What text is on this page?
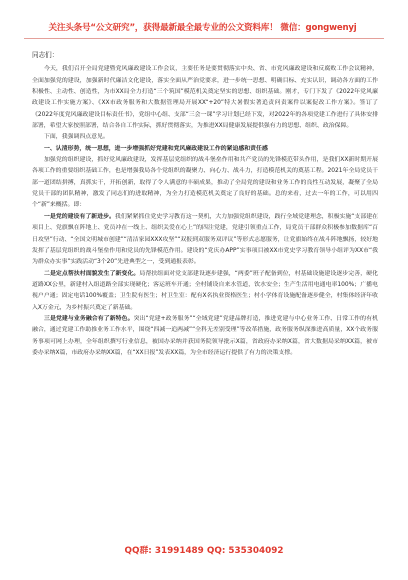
关注头条号“公文研究”，获得最新最全最专业的公文资料库！ 微信：gongwenyj
同志们：

今天，我们召开全局党建暨党风廉政建设工作会议，主要任务是要贯彻落实中央、省、市党风廉政建设和反腐败工作会议精神，全面加强党的建设，加强新时代廉洁文化建设，落实全面从严治党要求，进一步统一思想、明确目标、充实认识，调动各方面的工作积极性、主动性、创造性，为市XX局全力打造“三个筑国”模范机关奠定坚实的思想、组织基础。刚才，专门下发了《2022年党风廉政建设工作实施方案》、《XX市政务服务和大数据管理局开展XX“+20”特大暑假实著追责问责案件以案促改工作方案》。签订了《2022年度党风廉政建设目标责任书》，党组中心组、支部“三会一课”学习计划已经下发，对2022年的各项党建工作进行了具体安排部署，希望大家按照部署，结合各自工作实际，抓好贯彻落实，为推进XX局健康发展提供强有力的思想、组织、政治保障。

下面，我强调四点意见。

一、认清形势，统一思想，进一步增强抓好党建和党风廉政建设工作的紧迫感和责任感

加强党的组织建设，抓好党风廉政建设，发挥基层党组织的战斗堡垒作用和共产党员的先锋模范带头作用，是我们XX新时期开展各项工作的重要组织基础工作，也是增强我局各个党组织的凝聚力、向心力、战斗力，打造模范机关的奠基工程。2021年全局党员干部一道团结拼搏，真抓实干，开拓创新，取得了令人满意的丰硕成果，推动了全局党的建设和业务工作的良性互动发展，凝聚了全局党员干部的团队精神，激发了同志们的进取精神，为全力打造模范机关奠定了良好的基础。总的来看，过去一年的工作，可以用四个“新”来概括。即：

一是党的建设有了新进步。我们紧紧抓住党史学习教育这一契机，大力加强党组织建设，践行全域党建理念，积极实施“支部建在项目上、党旗飘在阵地上、党员冲在一线上、组织关爱在心上”的四注党建，党建引领重点工作，局党员干部群众积极参加数据库“百日攻坚”行动、“全国文明城市创建”“清洁家园XXX攻坚”“双报到双服务双评议”等形式志愿服务，让党旗始终在战斗阵地飘扬，较好地发挥了基层党组织的战斗堡垒作用和党员的先锋模范作用。建设的“党庆办APP”实事项目被XX市党史学习教育领导小组评为XX市“我为群众办实事”实践活动“3个20”先进典型之一，受到通报表彰。

二是定点帮扶村面貌发生了新变化。局帮扶组面对党支部建设逐步建强，“两委”班子配备到位，村基础设施建设逐步完善，硬化道路XX公里，新建村入组道路全部实现硬化；客运班车开通；全村铺设自来水管道，饮水安全；生产生活用电通电率100%；广播电视户户通；固定电话100%覆盖；卫生院有医生；村卫生室：配有X名执业资格医生；村小学体育设施配备逐步健全，村集体经济年收入X万金元，为乡村振兴奠定了新基础。

三是党建与业务融合有了新特色。突出“党建+政务服务”“全域党建”党建品牌打造，推进党建与中心业务工作、日常工作的有机融合，通过党建工作助推业务工作水平，围绕“四减一追两减”“全科无差别受理”等改革措施，政务服务纵深推进高质量，XX个政务服务事项可网上办理，全年组织撰写行业信息，被国办采纳并获国务院领导批示X篇，省政府办采纳X篇，省大数据局采纳XX篇，被市委办采纳X篇，市政府办采纳XX篇，在“XX日报”发表XX篇，为全市经济运行提供了有力的决策支撑。

QQ群: 31991489 QQ: 535304092
